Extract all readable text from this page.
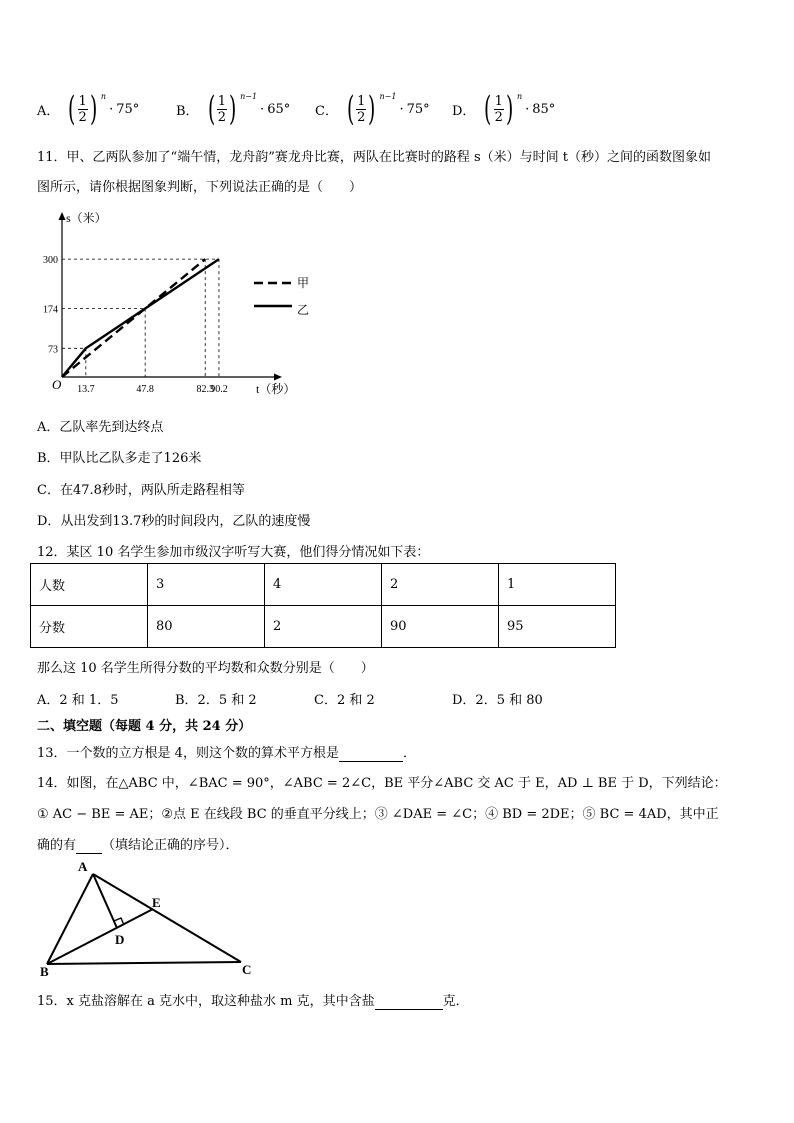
A． ( $\frac{1}{2}$ ) n
· 75°	B． ( $\frac{1}{2}$ ) n−1
· 65° C． ( $\frac{1}{2}$ ) n−1
· 75° D． ( $\frac{1}{2}$ ) n
· 85°
11．甲、乙两队参加了“端午情，龙舟韵”赛龙舟比赛，两队在比赛时的路程 s（米）与时间 t（秒）之间的函数图象如
图所示，请你根据图象判断，下列说法正确的是（　　）
13.7	47.8	82.3
90.2
73
174
300
O
s（米）
t（秒）
甲
乙
A．乙队率先到达终点
B．甲队比乙队多走了126米
C．在47.8秒时，两队所走路程相等
D．从出发到13.7秒的时间段内，乙队的速度慢
12．某区 10 名学生参加市级汉字听写大赛，他们得分情况如下表：
人数	3	4	2	1
分数	80	2	90	95
那么这 10 名学生所得分数的平均数和众数分别是（　　）
A．2 和 1．5	B．2．5 和 2	C．2 和 2	D．2．5 和 80
二、填空题（每题 4 分，共 24 分）
13．一个数的立方根是 4，则这个数的算术平方根是	．
14．如图，在△ABC 中，∠BAC = 90°，∠ABC = 2∠C，BE 平分∠ABC 交 AC 于 E，AD ⊥ BE 于 D，下列结论：
① AC − BE = AE；②点 E 在线段 BC 的垂直平分线上；③ ∠DAE = ∠C；④ BD = 2DE；⑤ BC = 4AD，其中正
确的有 （填结论正确的序号）．
A
B	C
D
E
15．x 克盐溶解在 a 克水中，取这种盐水 m 克，其中含盐	克．
